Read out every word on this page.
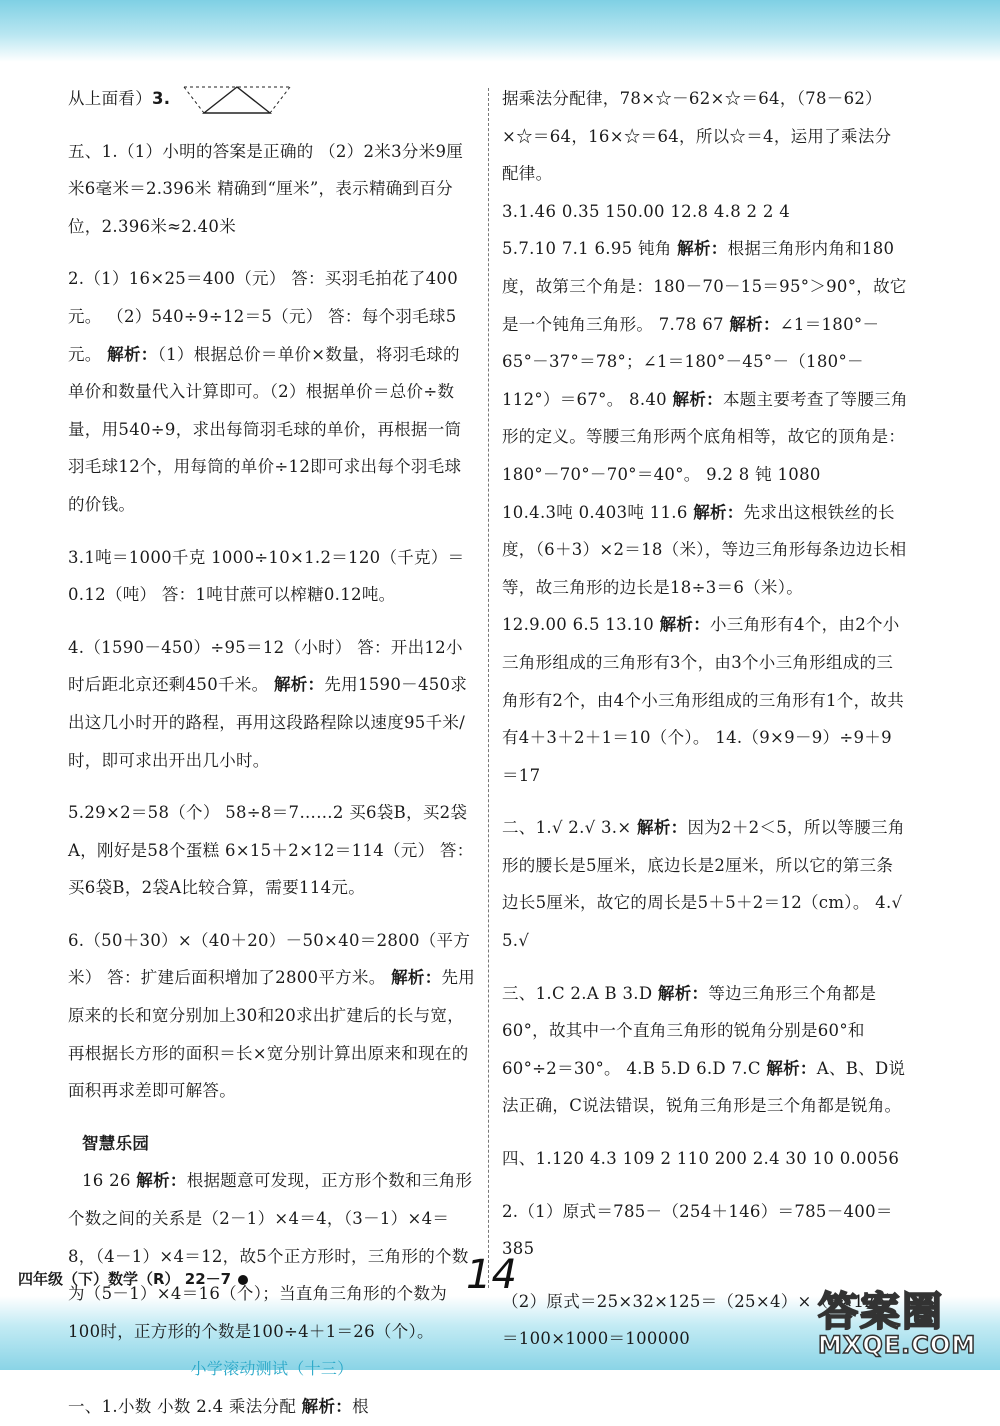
从上面看）3.

五、1.（1）小明的答案是正确的 （2）2米3分米9厘米6毫米＝2.396米 精确到“厘米”，表示精确到百分位，2.396米≈2.40米

2.（1）16×25＝400（元） 答：买羽毛拍花了400元。 （2）540÷9÷12＝5（元） 答：每个羽毛球5元。 解析：（1）根据总价＝单价×数量，将羽毛球的单价和数量代入计算即可。（2）根据单价＝总价÷数量，用540÷9，求出每筒羽毛球的单价，再根据一筒羽毛球12个，用每筒的单价÷12即可求出每个羽毛球的价钱。

3.1吨＝1000千克 1000÷10×1.2＝120（千克）＝0.12（吨） 答：1吨甘蔗可以榨糖0.12吨。

4.（1590－450）÷95＝12（小时） 答：开出12小时后距北京还剩450千米。 解析：先用1590－450求出这几小时开的路程，再用这段路程除以速度95千米/时，即可求出开出几小时。

5.29×2＝58（个） 58÷8＝7……2 买6袋B，买2袋A，刚好是58个蛋糕 6×15＋2×12＝114（元） 答：买6袋B，2袋A比较合算，需要114元。

6.（50＋30）×（40＋20）－50×40＝2800（平方米） 答：扩建后面积增加了2800平方米。 解析：先用原来的长和宽分别加上30和20求出扩建后的长与宽，再根据长方形的面积＝长×宽分别计算出原来和现在的面积再求差即可解答。

智慧乐园

16 26 解析：根据题意可发现，正方形个数和三角形个数之间的关系是（2－1）×4＝4，（3－1）×4＝8，（4－1）×4＝12，故5个正方形时，三角形的个数为（5－1）×4＝16（个）；当直角三角形的个数为100时，正方形的个数是100÷4＋1＝26（个）。

小学滚动测试（十三）

一、1.小数 小数 2.4 乘法分配 解析：根

据乘法分配律，78×☆－62×☆＝64，（78－62）×☆＝64，16×☆＝64，所以☆＝4，运用了乘法分配律。

3.1.46 0.35 150.00 12.8 4.8 2 2 4

5.7.10 7.1 6.95 钝角 解析：根据三角形内角和180度，故第三个角是：180－70－15＝95°＞90°，故它是一个钝角三角形。 7.78 67 解析：∠1＝180°－65°－37°＝78°；∠1＝180°－45°－（180°－112°）＝67°。 8.40 解析：本题主要考查了等腰三角形的定义。等腰三角形两个底角相等，故它的顶角是：180°－70°－70°＝40°。 9.2 8 钝 1080

10.4.3吨 0.403吨 11.6 解析：先求出这根铁丝的长度，（6＋3）×2＝18（米），等边三角形每条边边长相等，故三角形的边长是18÷3＝6（米）。

12.9.00 6.5 13.10 解析：小三角形有4个，由2个小三角形组成的三角形有3个，由3个小三角形组成的三角形有2个，由4个小三角形组成的三角形有1个，故共有4＋3＋2＋1＝10（个）。 14.（9×9－9）÷9＋9＝17

二、1.√ 2.√ 3.× 解析：因为2＋2＜5，所以等腰三角形的腰长是5厘米，底边长是2厘米，所以它的第三条边长5厘米，故它的周长是5＋5＋2＝12（cm）。 4.√ 5.√

三、1.C 2.A B 3.D 解析：等边三角形三个角都是60°，故其中一个直角三角形的锐角分别是60°和60°÷2＝30°。 4.B 5.D 6.D 7.C 解析：A、B、D说法正确，C说法错误，锐角三角形是三个角都是锐角。

四、1.120 4.3 109 2 110 200 2.4 30 10 0.0056

2.（1）原式＝785－（254＋146）＝785－400＝385

（2）原式＝25×32×125＝（25×4）×（8×125）＝100×1000＝100000

四年级（下）数学（R） 22－7	14
答案圈
MXQE.COM
